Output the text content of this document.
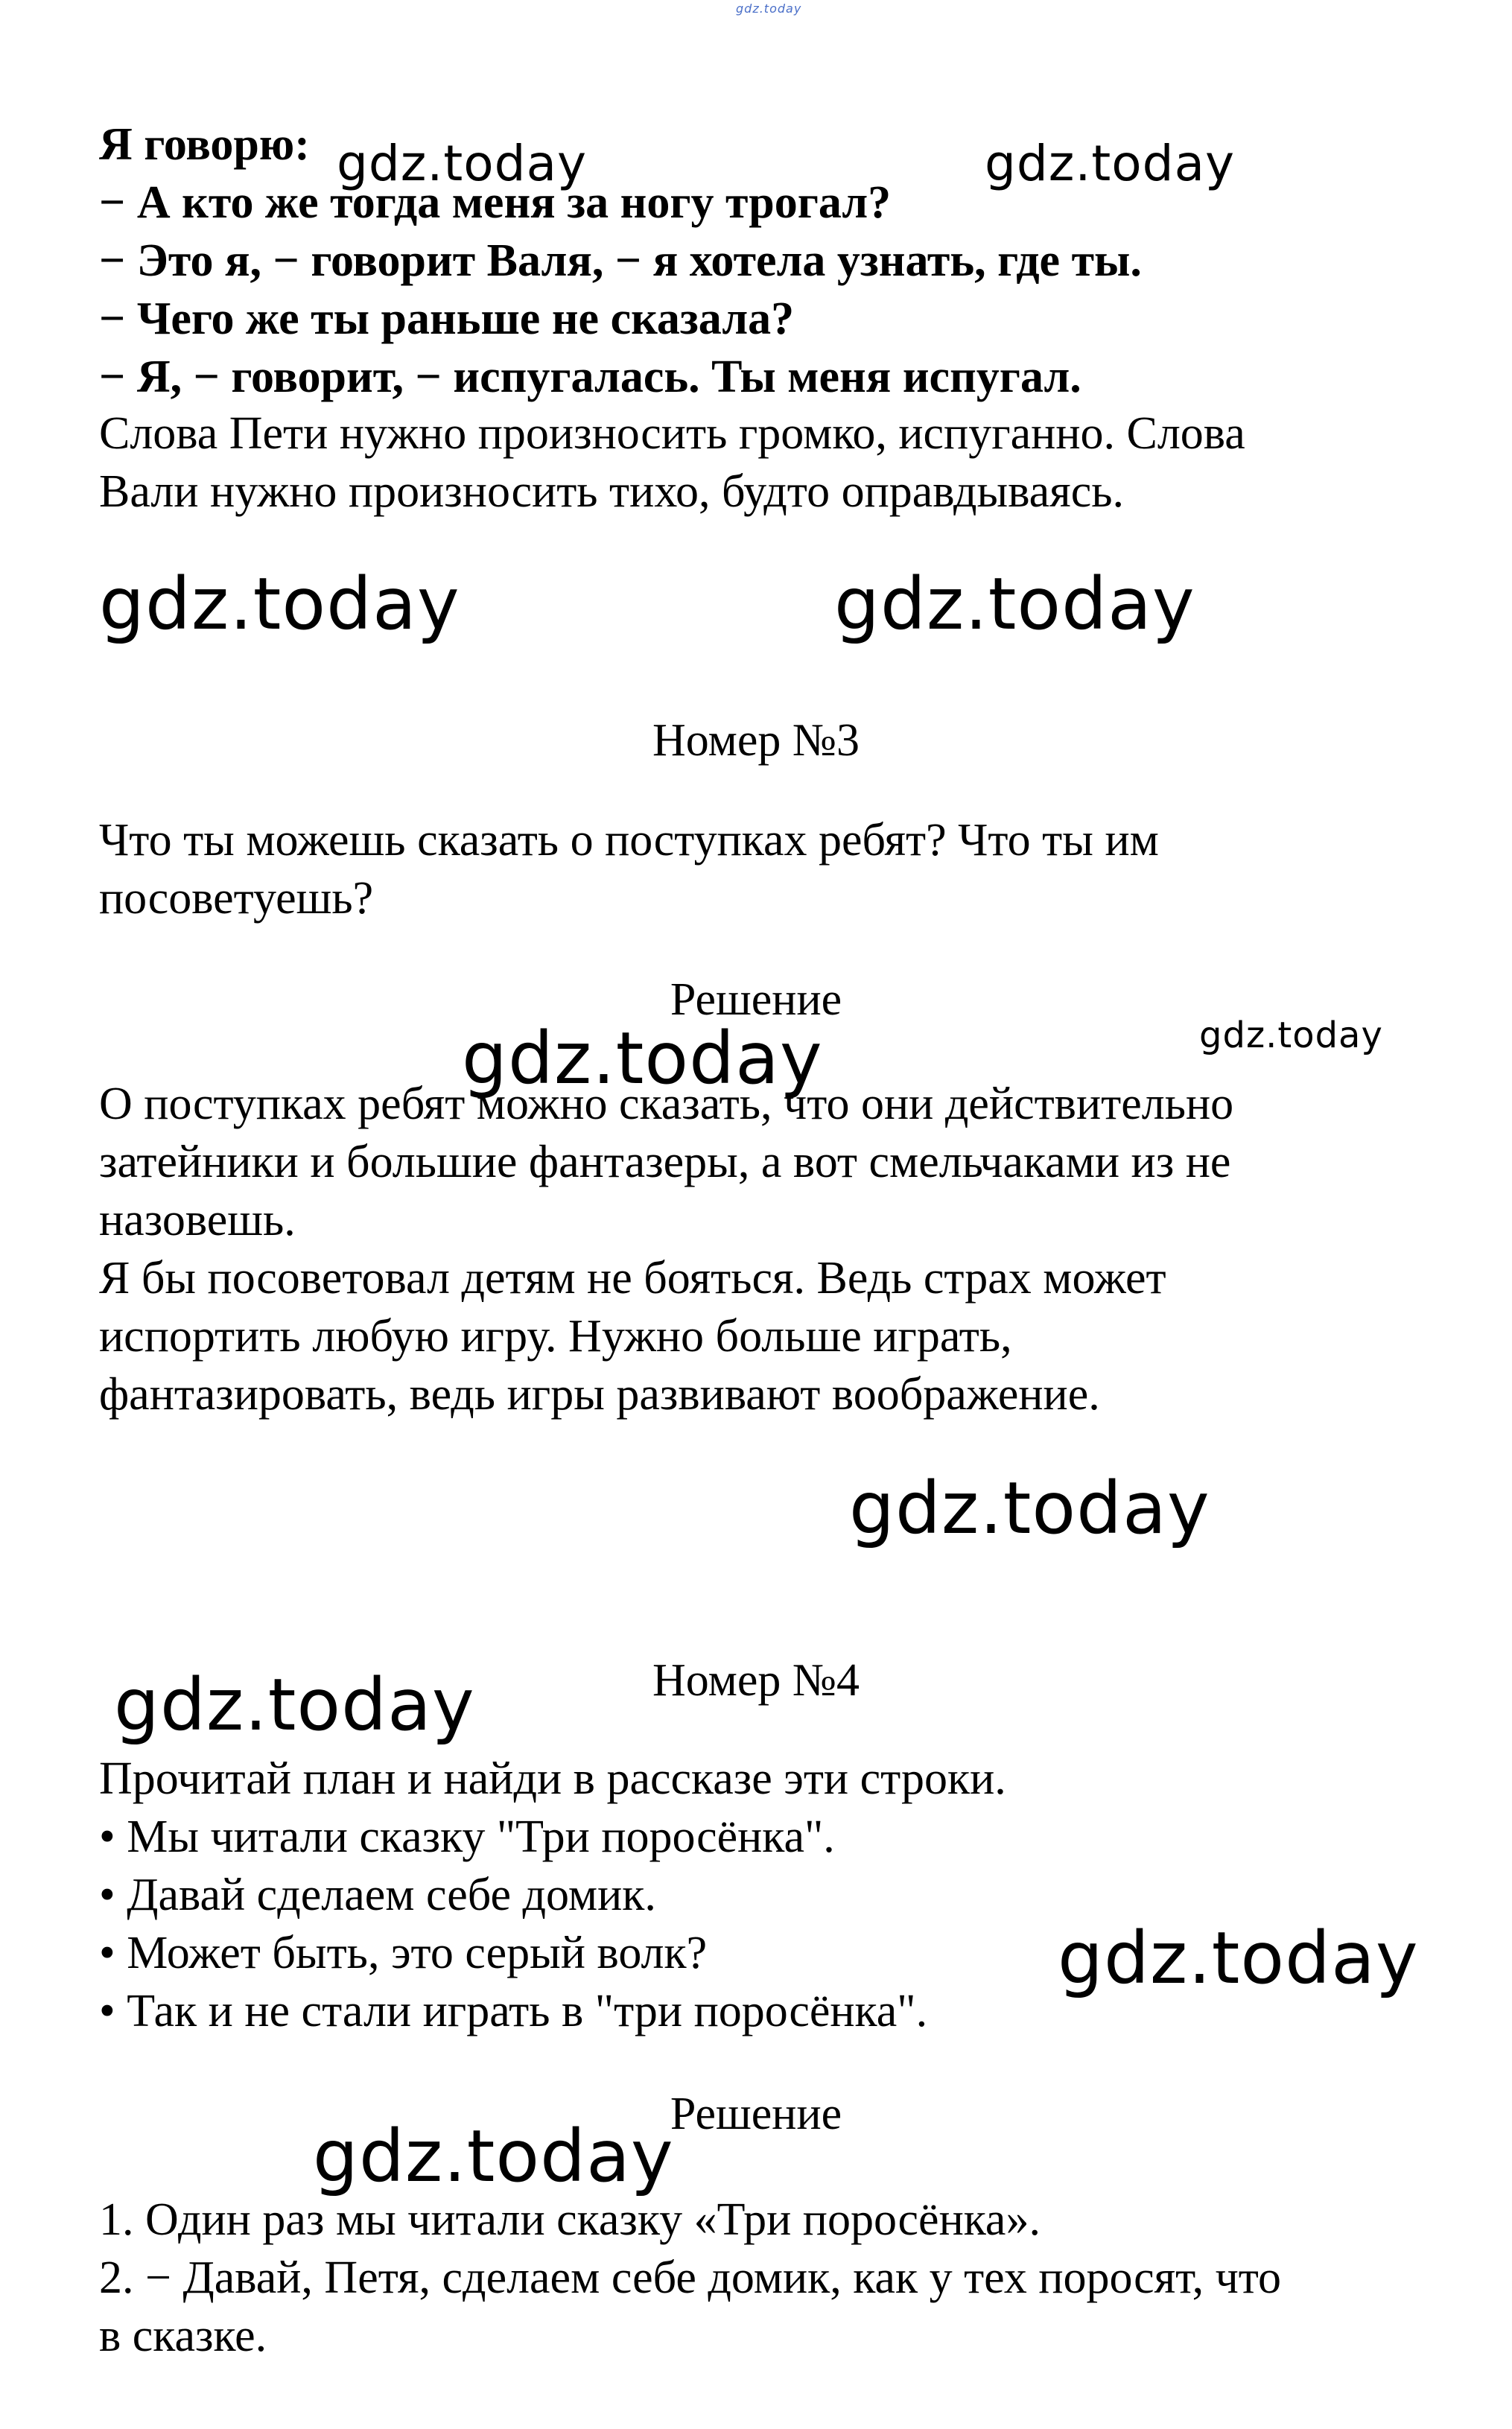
gdz.today
Я говорю:
− А кто же тогда меня за ногу трогал?
− Это я, − говорит Валя, − я хотела узнать, где ты.
− Чего же ты раньше не сказала?
− Я, − говорит, − испугалась. Ты меня испугал.
Слова Пети нужно произносить громко, испуганно. Слова
Вали нужно произносить тихо, будто оправдываясь.
Номер №3
Что ты можешь сказать о поступках ребят? Что ты им
посоветуешь?
Решение
О поступках ребят можно сказать, что они действительно
затейники и большие фантазеры, а вот смельчаками из не
назовешь.
Я бы посоветовал детям не бояться. Ведь страх может
испортить любую игру. Нужно больше играть,
фантазировать, ведь игры развивают воображение.
Номер №4
Прочитай план и найди в рассказе эти строки.
• Мы читали сказку "Три поросёнка".
• Давай сделаем себе домик.
• Может быть, это серый волк?
• Так и не стали играть в "три поросёнка".
Решение
1. Один раз мы читали сказку «Три поросёнка».
2. − Давай, Петя, сделаем себе домик, как у тех поросят, что
в сказке.
gdz.today	gdz.today
gdz.today	gdz.today
gdz.today	gdz.today
gdz.today
gdz.today
gdz.today
gdz.today
